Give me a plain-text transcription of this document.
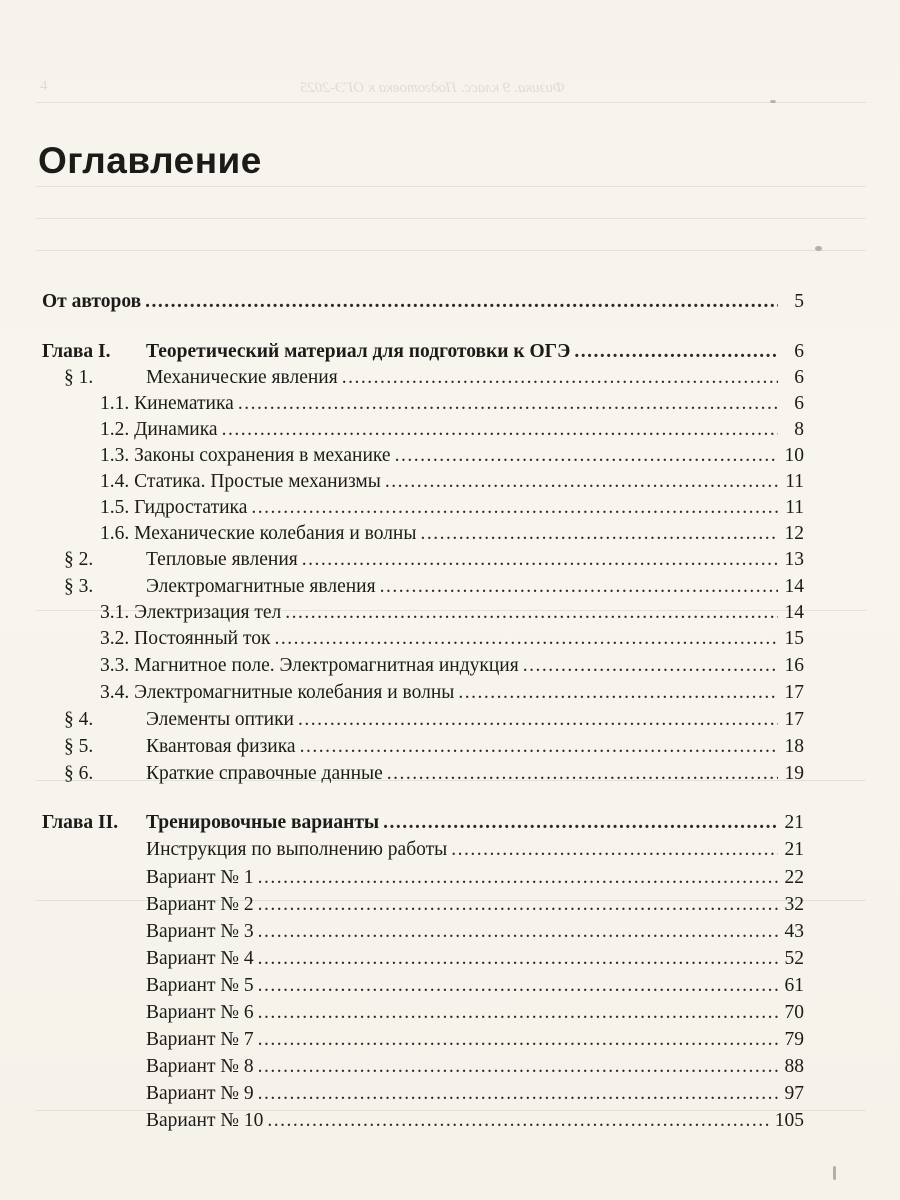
Физика. 9 класс. Подготовка к ОГЭ-2025
4
Оглавление
От авторов .....	5
Глава I.	Теоретический материал для подготовки к ОГЭ .....	6
§ 1.	Механические явления .....	6
1.1. Кинематика .....	6
1.2. Динамика .....	8
1.3. Законы сохранения в механике .....	10
1.4. Статика. Простые механизмы .....	11
1.5. Гидростатика .....	11
1.6. Механические колебания и волны .....	12
§ 2.	Тепловые явления .....	13
§ 3.	Электромагнитные явления .....	14
3.1. Электризация тел .....	14
3.2. Постоянный ток .....	15
3.3. Магнитное поле. Электромагнитная индукция .....	16
3.4. Электромагнитные колебания и волны .....	17
§ 4.	Элементы оптики .....	17
§ 5.	Квантовая физика .....	18
§ 6.	Краткие справочные данные .....	19
Глава II.	Тренировочные варианты .....	21
Инструкция по выполнению работы .....	21
Вариант № 1 .....	22
Вариант № 2 .....	32
Вариант № 3 .....	43
Вариант № 4 .....	52
Вариант № 5 .....	61
Вариант № 6 .....	70
Вариант № 7 .....	79
Вариант № 8 .....	88
Вариант № 9 .....	97
Вариант № 10 .....	105
